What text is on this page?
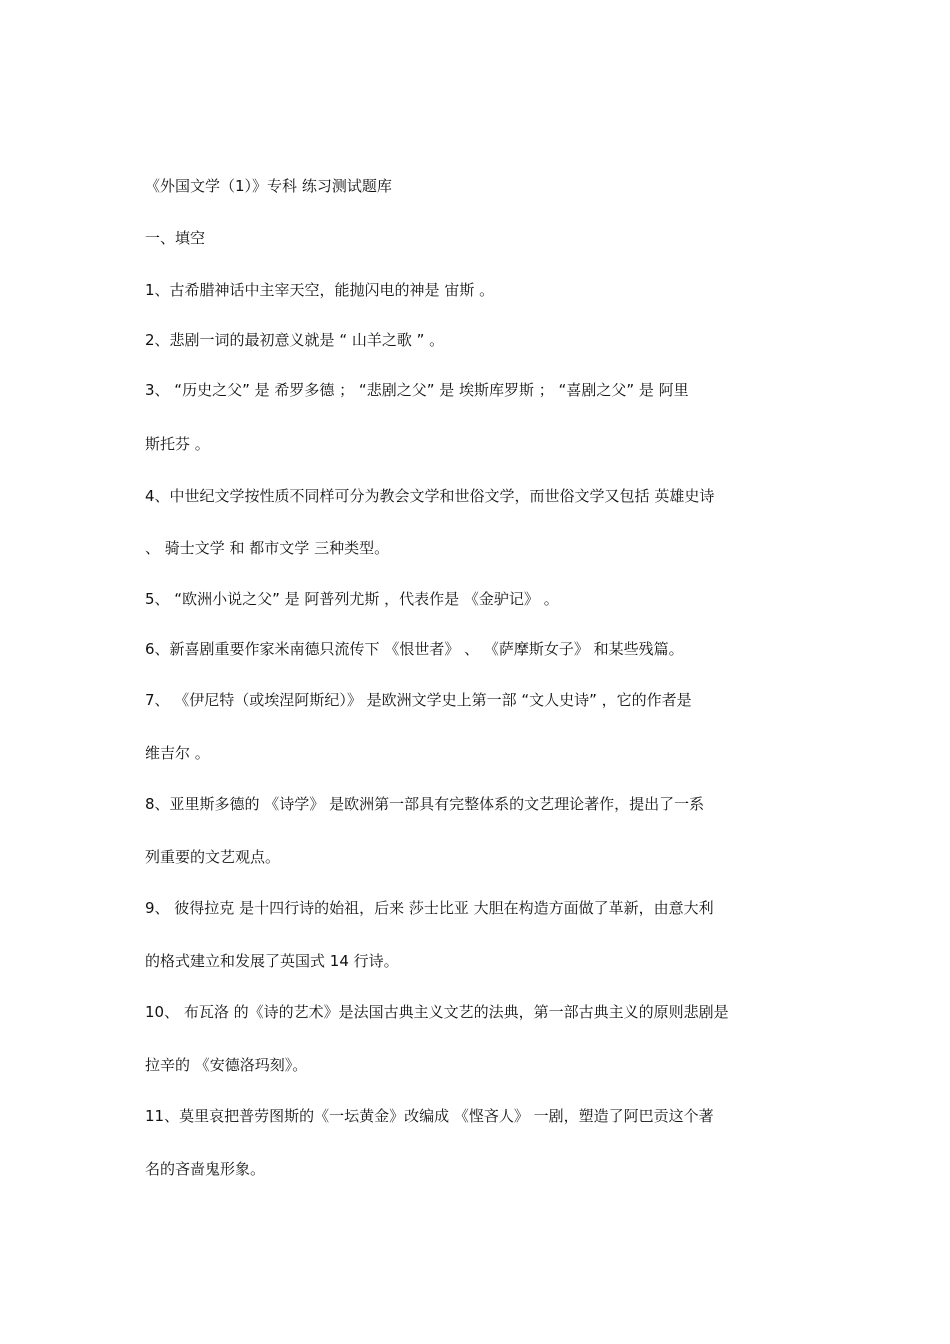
《外国文学（1）》专科 练习测试题库
一、填空
1、古希腊神话中主宰天空，能抛闪电的神是 宙斯 。
2、悲剧一词的最初意义就是 “ 山羊之歌 ” 。
3、 “历史之父” 是 希罗多德 ； “悲剧之父” 是 埃斯库罗斯 ； “喜剧之父” 是 阿里
斯托芬 。
4、中世纪文学按性质不同样可分为教会文学和世俗文学，而世俗文学又包括 英雄史诗
、 骑士文学 和 都市文学 三种类型。
5、 “欧洲小说之父” 是 阿普列尤斯 ，代表作是 《金驴记》 。
6、新喜剧重要作家米南德只流传下 《恨世者》 、 《萨摩斯女子》 和某些残篇。
7、 《伊尼特（或埃涅阿斯纪）》 是欧洲文学史上第一部 “文人史诗” ，它的作者是
维吉尔 。
8、亚里斯多德的 《诗学》 是欧洲第一部具有完整体系的文艺理论著作，提出了一系
列重要的文艺观点。
9、 彼得拉克 是十四行诗的始祖，后来 莎士比亚 大胆在构造方面做了革新，由意大利
的格式建立和发展了英国式 14 行诗。
10、 布瓦洛 的《诗的艺术》是法国古典主义文艺的法典，第一部古典主义的原则悲剧是
拉辛的 《安德洛玛刻》。
11、莫里哀把普劳图斯的《一坛黄金》改编成 《悭吝人》 一剧，塑造了阿巴贡这个著
名的吝啬鬼形象。
